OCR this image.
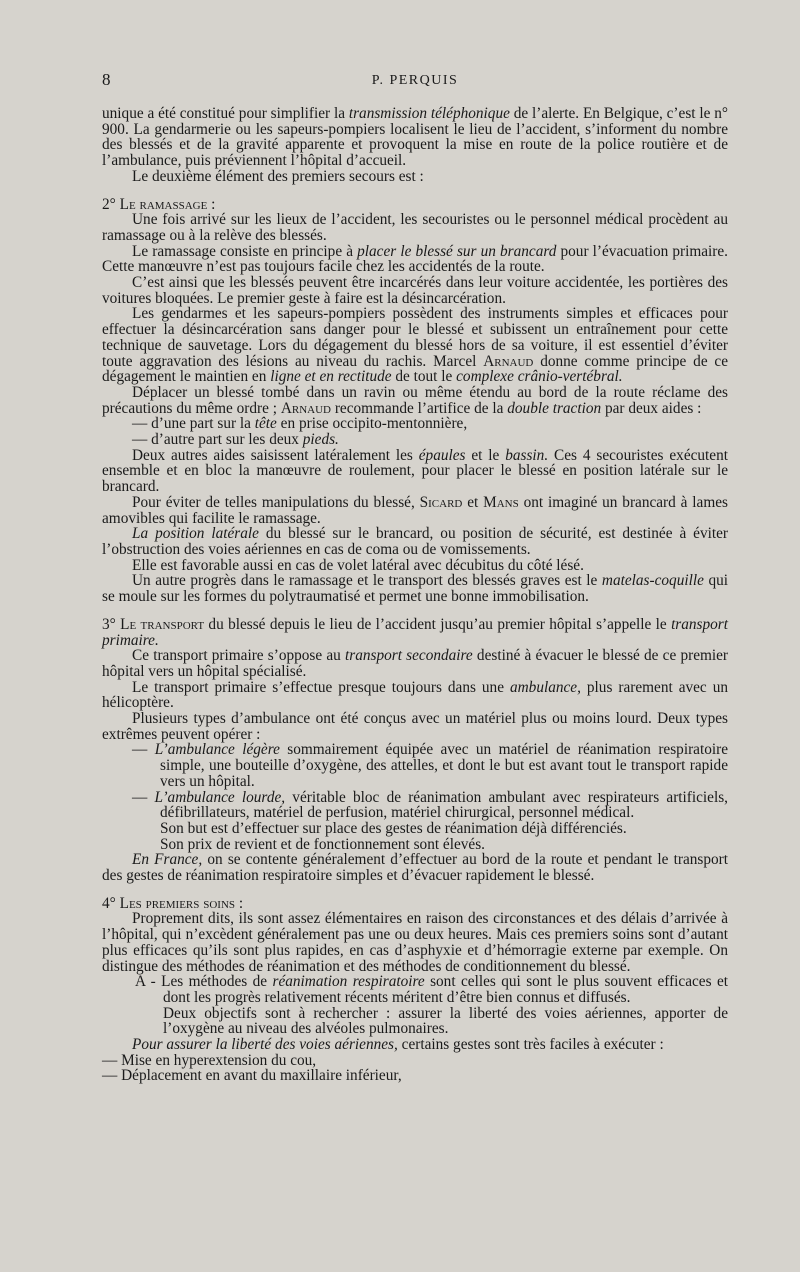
8	P. PERQUIS

unique a été constitué pour simplifier la transmission téléphonique de l’alerte. En Belgique, c’est le n° 900. La gendarmerie ou les sapeurs-pompiers localisent le lieu de l’accident, s’informent du nombre des blessés et de la gravité apparente et provoquent la mise en route de la police routière et de l’ambulance, puis préviennent l’hôpital d’accueil.

Le deuxième élément des premiers secours est :

2° Le ramassage :

Une fois arrivé sur les lieux de l’accident, les secouristes ou le personnel médical procèdent au ramassage ou à la relève des blessés.

Le ramassage consiste en principe à placer le blessé sur un brancard pour l’évacuation primaire. Cette manœuvre n’est pas toujours facile chez les accidentés de la route.

C’est ainsi que les blessés peuvent être incarcérés dans leur voiture accidentée, les portières des voitures bloquées. Le premier geste à faire est la désincarcération.

Les gendarmes et les sapeurs-pompiers possèdent des instruments simples et efficaces pour effectuer la désincarcération sans danger pour le blessé et subissent un entraînement pour cette technique de sauvetage. Lors du dégagement du blessé hors de sa voiture, il est essentiel d’éviter toute aggravation des lésions au niveau du rachis. Marcel Arnaud donne comme principe de ce dégagement le maintien en ligne et en rectitude de tout le complexe crânio-vertébral.

Déplacer un blessé tombé dans un ravin ou même étendu au bord de la route réclame des précautions du même ordre ; Arnaud recommande l’artifice de la double traction par deux aides :

— d’une part sur la tête en prise occipito-mentonnière,

— d’autre part sur les deux pieds.

Deux autres aides saisissent latéralement les épaules et le bassin. Ces 4 secouristes exécutent ensemble et en bloc la manœuvre de roulement, pour placer le blessé en position latérale sur le brancard.

Pour éviter de telles manipulations du blessé, Sicard et Mans ont imaginé un brancard à lames amovibles qui facilite le ramassage.

La position latérale du blessé sur le brancard, ou position de sécurité, est destinée à éviter l’obstruction des voies aériennes en cas de coma ou de vomissements.

Elle est favorable aussi en cas de volet latéral avec décubitus du côté lésé.

Un autre progrès dans le ramassage et le transport des blessés graves est le matelas-coquille qui se moule sur les formes du polytraumatisé et permet une bonne immobilisation.

3° Le transport du blessé depuis le lieu de l’accident jusqu’au premier hôpital s’appelle le transport primaire.

Ce transport primaire s’oppose au transport secondaire destiné à évacuer le blessé de ce premier hôpital vers un hôpital spécialisé.

Le transport primaire s’effectue presque toujours dans une ambulance, plus rarement avec un hélicoptère.

Plusieurs types d’ambulance ont été conçus avec un matériel plus ou moins lourd. Deux types extrêmes peuvent opérer :

— L’ambulance légère sommairement équipée avec un matériel de réanimation respiratoire simple, une bouteille d’oxygène, des attelles, et dont le but est avant tout le transport rapide vers un hôpital.

— L’ambulance lourde, véritable bloc de réanimation ambulant avec respirateurs artificiels, défibrillateurs, matériel de perfusion, matériel chirurgical, personnel médical.

Son but est d’effectuer sur place des gestes de réanimation déjà différenciés.

Son prix de revient et de fonctionnement sont élevés.

En France, on se contente généralement d’effectuer au bord de la route et pendant le transport des gestes de réanimation respiratoire simples et d’évacuer rapidement le blessé.

4° Les premiers soins :

Proprement dits, ils sont assez élémentaires en raison des circonstances et des délais d’arrivée à l’hôpital, qui n’excèdent généralement pas une ou deux heures. Mais ces premiers soins sont d’autant plus efficaces qu’ils sont plus rapides, en cas d’asphyxie et d’hémorragie externe par exemple. On distingue des méthodes de réanimation et des méthodes de conditionnement du blessé.

A - Les méthodes de réanimation respiratoire sont celles qui sont le plus souvent efficaces et dont les progrès relativement récents méritent d’être bien connus et diffusés.

Deux objectifs sont à rechercher : assurer la liberté des voies aériennes, apporter de l’oxygène au niveau des alvéoles pulmonaires.

Pour assurer la liberté des voies aériennes, certains gestes sont très faciles à exécuter :

— Mise en hyperextension du cou,

— Déplacement en avant du maxillaire inférieur,
